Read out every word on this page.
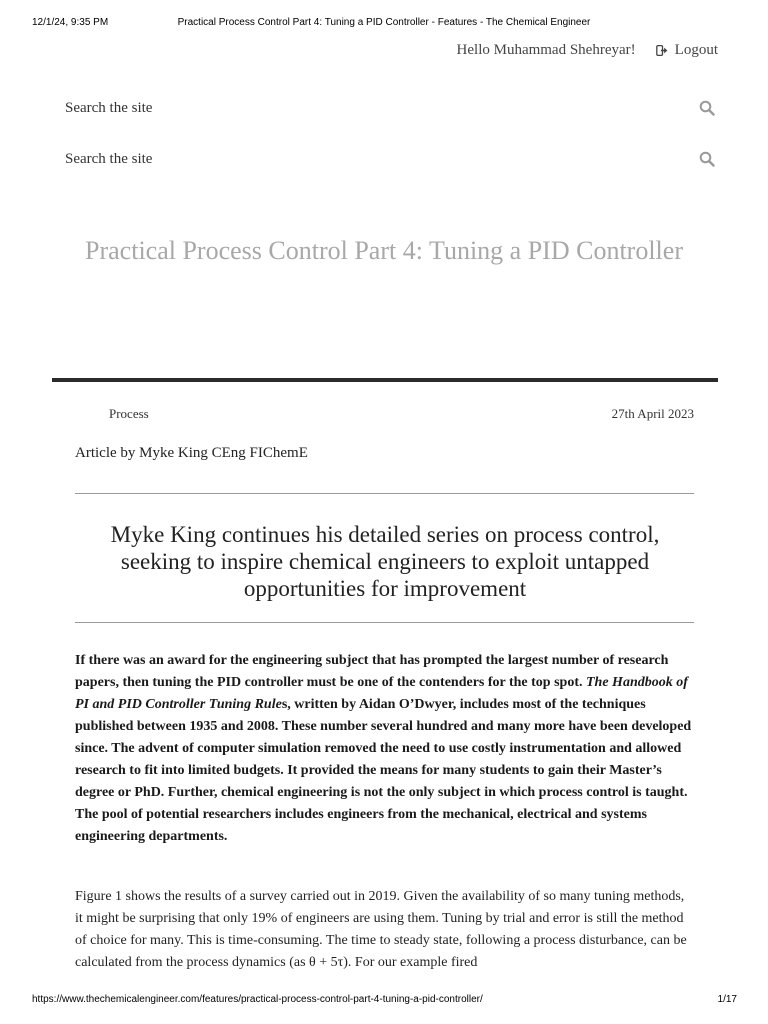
12/1/24, 9:35 PM	Practical Process Control Part 4: Tuning a PID Controller - Features - The Chemical Engineer
Hello Muhammad Shehreyar!	Logout
Search the site
Search the site
Practical Process Control Part 4: Tuning a PID Controller
Process	27th April 2023
Article by Myke King CEng FIChemE
Myke King continues his detailed series on process control, seeking to inspire chemical engineers to exploit untapped opportunities for improvement

If there was an award for the engineering subject that has prompted the largest number of research papers, then tuning the PID controller must be one of the contenders for the top spot. The Handbook of PI and PID Controller Tuning Rules, written by Aidan O’Dwyer, includes most of the techniques published between 1935 and 2008. These number several hundred and many more have been developed since. The advent of computer simulation removed the need to use costly instrumentation and allowed research to fit into limited budgets. It provided the means for many students to gain their Master’s degree or PhD. Further, chemical engineering is not the only subject in which process control is taught. The pool of potential researchers includes engineers from the mechanical, electrical and systems engineering departments.

Figure 1 shows the results of a survey carried out in 2019. Given the availability of so many tuning methods, it might be surprising that only 19% of engineers are using them. Tuning by trial and error is still the method of choice for many. This is time-consuming. The time to steady state, following a process disturbance, can be calculated from the process dynamics (as θ + 5τ). For our example fired

https://www.thechemicalengineer.com/features/practical-process-control-part-4-tuning-a-pid-controller/	1/17
